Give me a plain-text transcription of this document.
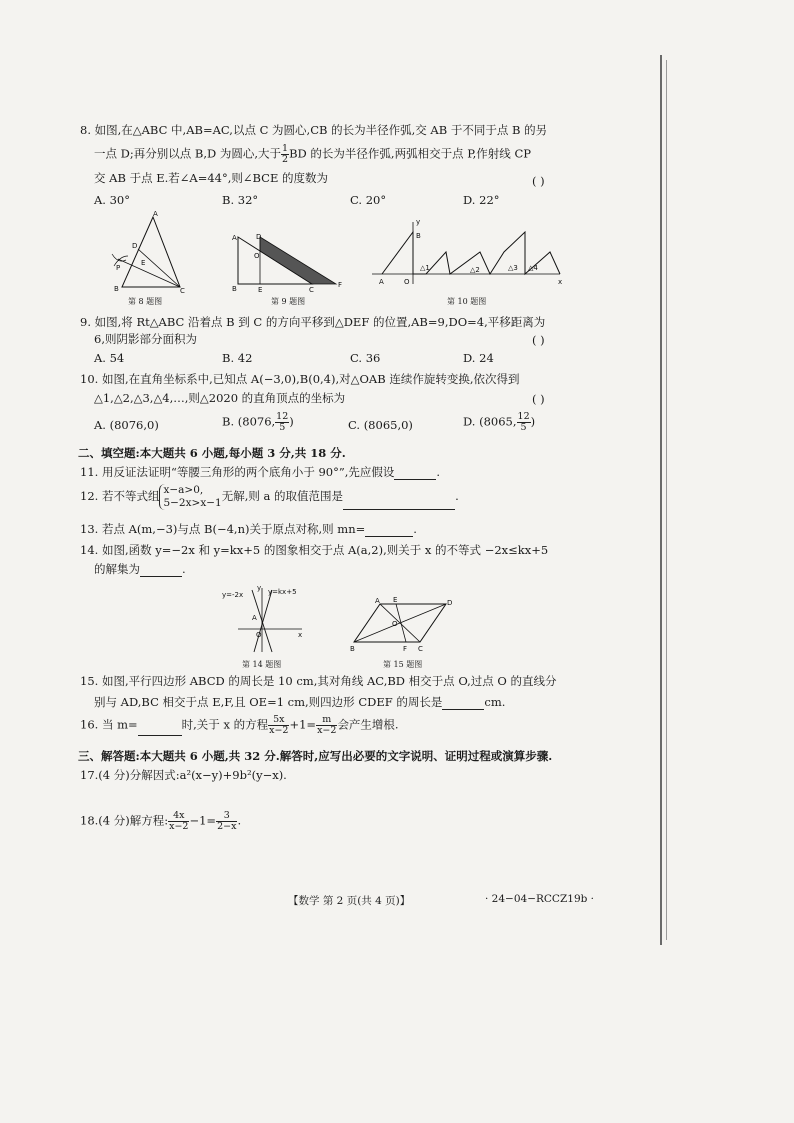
8. 如图,在△ABC 中,AB=AC,以点 C 为圆心,CB 的长为半径作弧,交 AB 于不同于点 B 的另
一点 D;再分别以点 B,D 为圆心,大于 $\frac{1}{2}$ BD 的长为半径作弧,两弧相交于点 P,作射线 CP
交 AB 于点 E.若∠A=44°,则∠BCE 的度数为	( )
A. 30°	B. 32°	C. 20°	D. 22°
A
D
E
P
B	C
第 8 题图
A	D
O
B	E	C
F
第 9 题图
y
B
A	O	x
△1	△2	△3 △4
第 10 题图
9. 如图,将 Rt△ABC 沿着点 B 到 C 的方向平移到△DEF 的位置,AB=9,DO=4,平移距离为
6,则阴影部分面积为	( )
A. 54	B. 42	C. 36	D. 24
10. 如图,在直角坐标系中,已知点 A(−3,0),B(0,4),对△OAB 连续作旋转变换,依次得到
△1,△2,△3,△4,…,则△2020 的直角顶点的坐标为	( )
A. (8076,0)	B. (8076, $\frac{12}{5}$ )	C. (8065,0)	D. (8065, $\frac{12}{5}$ )
二、填空题:本大题共 6 小题,每小题 3 分,共 18 分.
11. 用反证法证明“等腰三角形的两个底角小于 90°”,先应假设	.
12. 若不等式组 x−a>0,
5−2x>x−1 无解,则 a 的取值范围是	.
13. 若点 A(m,−3)与点 B(−4,n)关于原点对称,则 mn=	.
14. 如图,函数 y=−2x 和 y=kx+5 的图象相交于点 A(a,2),则关于 x 的不等式 −2x≤kx+5
的解集为	.
y=-2x
y y=kx+5
A
O	x
第 14 题图
A E	D
O
B	F C
第 15 题图
15. 如图,平行四边形 ABCD 的周长是 10 cm,其对角线 AC,BD 相交于点 O,过点 O 的直线分
别与 AD,BC 相交于点 E,F,且 OE=1 cm,则四边形 CDEF 的周长是	cm.
16. 当 m=	时,关于 x 的方程 $\frac{5x}{x-2} +1= \frac{m}{x-2}$ 会产生增根.
三、解答题:本大题共 6 小题,共 32 分.解答时,应写出必要的文字说明、证明过程或演算步骤.
17.(4 分)分解因式:a²(x−y)+9b²(y−x).
18.(4 分)解方程: $\frac{4x}{x-2} -1= \frac{3}{2-x}$ .
【数学 第 2 页(共 4 页)】	· 24−04−RCCZ19b ·
